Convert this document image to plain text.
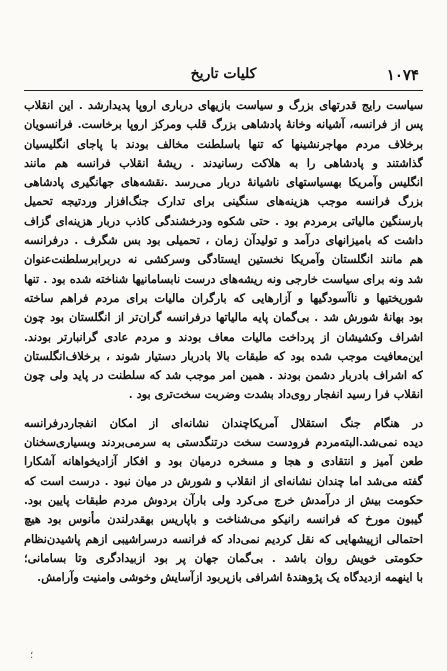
۱۰۷۴
کلیات تاریخ
سیاست رایج قدرتهای بزرگ و سیاست بازیهای درباری اروپا پدیدارشد . این انقلاب
پس از فرانسه، آشیانه وخانهٔ پادشاهی بزرگ قلب ومرکز اروپا برخاست. فرانسویان
برخلاف مردم مهاجرنشینها که تنها باسلطنت مخالف بودند با پاجای انگلیسیان
گذاشتند و پادشاهی را به هلاکت رسانیدند . ریشهٔ انقلاب فرانسه هم مانند
انگلیس وآمریکا بهسیاستهای ناشیانهٔ دربار می‌رسد .نقشه‌های جهانگیری پادشاهی
بزرگ فرانسه موجب هزینه‌های سنگینی برای تدارک جنگ‌افزار وردتیجه تحمیل
بارسنگین مالیاتی برمردم بود . حتی شکوه ودرخشندگی کاذب دربار هزینه‌ای گزاف
داشت که بامیزانهای درآمد و تولیدآن زمان ، تحمیلی بود بس شگرف . درفرانسه
هم مانند انگلستان وآمریکا نخستین ایستادگی وسرکشی نه دربرابرسلطنت‌عنوان
شد ونه برای سیاست خارجی ونه ریشه‌های درست نابسامانیها شناخته شده بود . تنها
شوریختیها و ناآسودگیها و آزارهایی که بارگران مالیات برای مردم فراهم ساخته
بود بهانهٔ شورش شد . بی‌گمان پایه مالیاتها درفرانسه گران‌تر از انگلستان بود چون
اشراف وکشیشان از پرداخت مالیات معاف بودند و مردم عادی گرانبارتر بودند.
این‌معافیت موجب شده بود که طبقات بالا بادربار دستیار شوند ، برخلاف‌انگلستان
که اشراف بادربار دشمن بودند . همین امر موجب شد که سلطنت در پاید ولی چون
انقلاب فرا رسید انفجار روی‌داد بشدت وضربت سخت‌تری بود .
در هنگام جنگ استقلال آمریکاچندان نشانه‌ای از امکان انفجاردرفرانسه
دیده نمی‌شد.البته‌مردم فرودست سخت درتنگدستی به سرمی‌بردند وبسیاری‌سخنان
طعن آمیز و انتقادی و هجا و مسخره درمیان بود و افکار آزادیخواهانه آشکارا
گفته می‌شد اما چندان نشانه‌ای از انقلاب و شورش در میان نبود . درست است که
حکومت بیش از درآمدش خرج می‌کرد ولی بارآن بردوش مردم طبقات پایین بود.
گیبون مورخ که فرانسه رانیکو می‌شناخت و باپاریس بهقدرلندن مأنوس بود هیچ
احتمالی ازپیشهایی که نقل کردیم نمی‌داد که فرانسه درسراشیبی ازهم پاشیدن‌نظام
حکومتی خویش روان باشد . بی‌گمان جهان پر بود ازبیدادگری وتا بسامانی؛
با اینهمه ازدیدگاه یک پژوهندهٔ اشرافی بازپربود ازآسایش وخوشی وامنیت وآرامش.
؛
